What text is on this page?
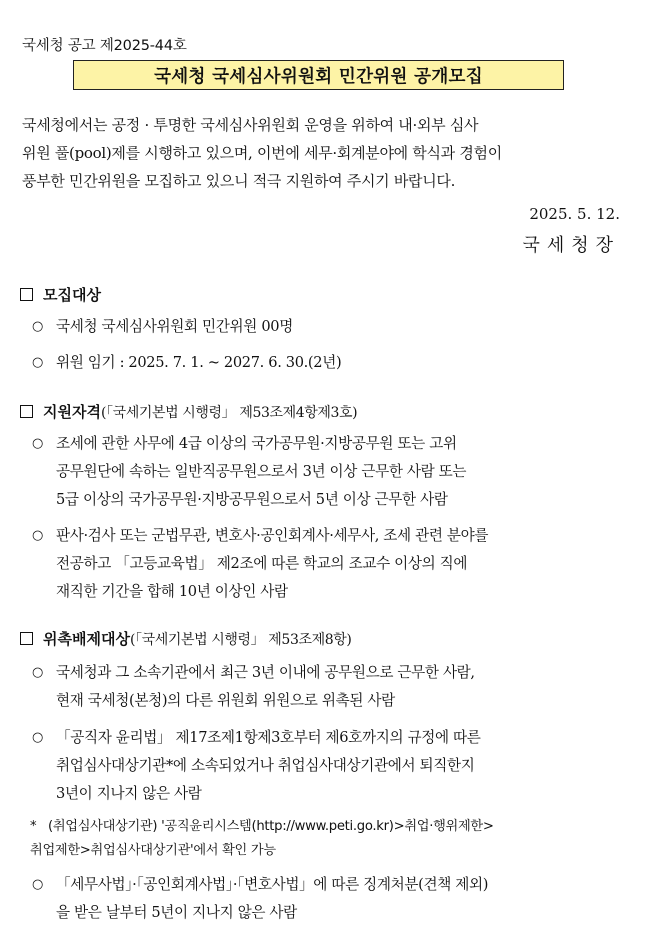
국세청 공고 제2025-44호
국세청 국세심사위원회 민간위원 공개모집
국세청에서는 공정 · 투명한 국세심사위원회 운영을 위하여 내·외부 심사
위원 풀(pool)제를 시행하고 있으며, 이번에 세무·회계분야에 학식과 경험이
풍부한 민간위원을 모집하고 있으니 적극 지원하여 주시기 바랍니다.
2025. 5. 12.
국세청장
모집대상
○ 국세청 국세심사위원회 민간위원 00명
○ 위원 임기 : 2025. 7. 1. ~ 2027. 6. 30.(2년)
지원자격 (「국세기본법 시행령」 제53조제4항제3호)
○ 조세에 관한 사무에 4급 이상의 국가공무원·지방공무원 또는 고위
공무원단에 속하는 일반직공무원으로서 3년 이상 근무한 사람 또는
5급 이상의 국가공무원·지방공무원으로서 5년 이상 근무한 사람
○ 판사·검사 또는 군법무관, 변호사·공인회계사·세무사, 조세 관련 분야를
전공하고 「고등교육법」 제2조에 따른 학교의 조교수 이상의 직에
재직한 기간을 합해 10년 이상인 사람
위촉배제대상 (「국세기본법 시행령」 제53조제8항)
○ 국세청과 그 소속기관에서 최근 3년 이내에 공무원으로 근무한 사람,
현재 국세청(본청)의 다른 위원회 위원으로 위촉된 사람
○ 「공직자 윤리법」 제17조제1항제3호부터 제6호까지의 규정에 따른
취업심사대상기관*에 소속되었거나 취업심사대상기관에서 퇴직한지
3년이 지나지 않은 사람
* (취업심사대상기관) '공직윤리시스템(http://www.peti.go.kr)>취업·행위제한>
취업제한>취업심사대상기관'에서 확인 가능
○ 「세무사법」·「공인회계사법」·「변호사법」에 따른 징계처분(견책 제외)
을 받은 날부터 5년이 지나지 않은 사람
